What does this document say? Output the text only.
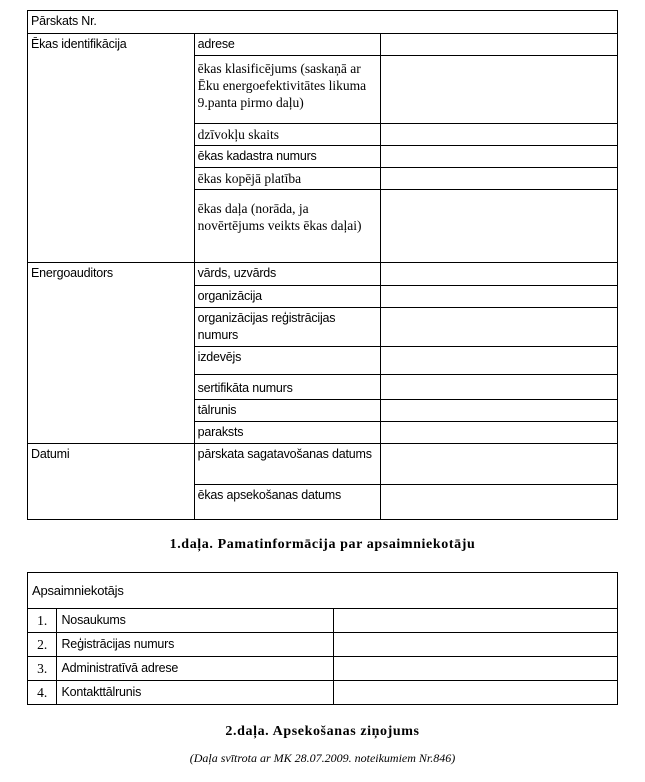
Pārskats Nr.		
Ēkas identifikācija	adrese	
	ēkas klasificējums (saskaņā ar Ēku energoefektivitātes likuma 9.panta pirmo daļu)	
	dzīvokļu skaits	
	ēkas kadastra numurs	
	ēkas kopējā platība	
	ēkas daļa (norāda, ja novērtējums veikts ēkas daļai)	
Energoauditors	vārds, uzvārds	
	organizācija	
	organizācijas reģistrācijas numurs	
	izdevējs	
	sertifikāta numurs	
	tālrunis	
	paraksts	
Datumi	pārskata sagatavošanas datums	
	ēkas apsekošanas datums	
1.daļa. Pamatinformācija par apsaimniekotāju
Apsaimniekotājs		
1.	Nosaukums	
2.	Reģistrācijas numurs	
3.	Administratīvā adrese	
4.	Kontakttālrunis	
2.daļa. Apsekošanas ziņojums
(Daļa svītrota ar MK 28.07.2009. noteikumiem Nr.846)
